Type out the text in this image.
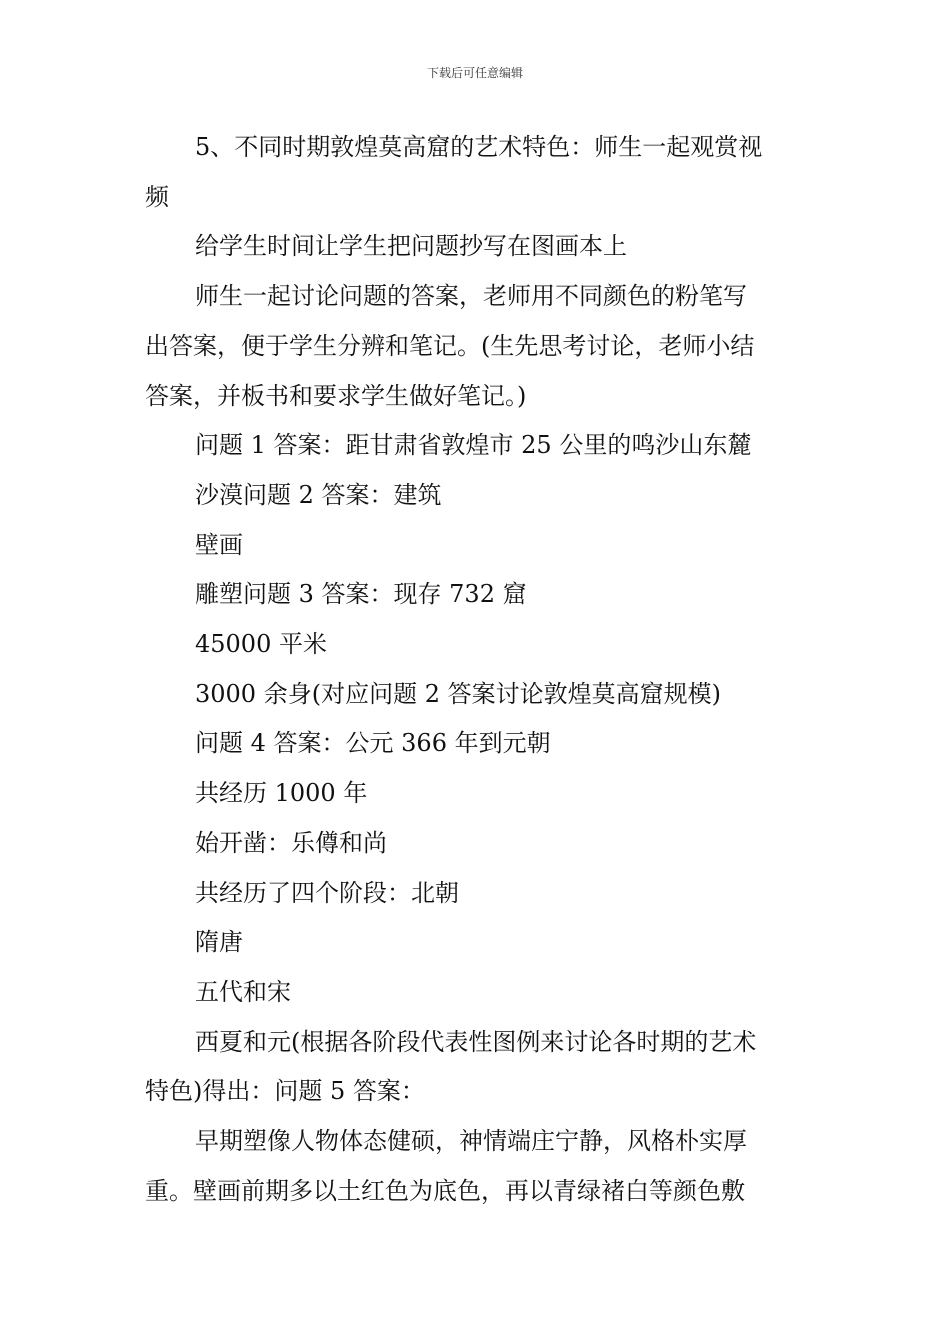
下载后可任意编辑
5、不同时期敦煌莫高窟的艺术特色：师生一起观赏视
频
给学生时间让学生把问题抄写在图画本上
师生一起讨论问题的答案，老师用不同颜色的粉笔写
出答案，便于学生分辨和笔记。(生先思考讨论，老师小结
答案，并板书和要求学生做好笔记。)
问题 1 答案：距甘肃省敦煌市 25 公里的鸣沙山东麓
沙漠问题 2 答案：建筑
壁画
雕塑问题 3 答案：现存 732 窟
45000 平米
3000 余身(对应问题 2 答案讨论敦煌莫高窟规模)
问题 4 答案：公元 366 年到元朝
共经历 1000 年
始开凿：乐僔和尚
共经历了四个阶段：北朝
隋唐
五代和宋
西夏和元(根据各阶段代表性图例来讨论各时期的艺术
特色)得出：问题 5 答案：
早期塑像人物体态健硕，神情端庄宁静，风格朴实厚
重。壁画前期多以土红色为底色，再以青绿褚白等颜色敷
